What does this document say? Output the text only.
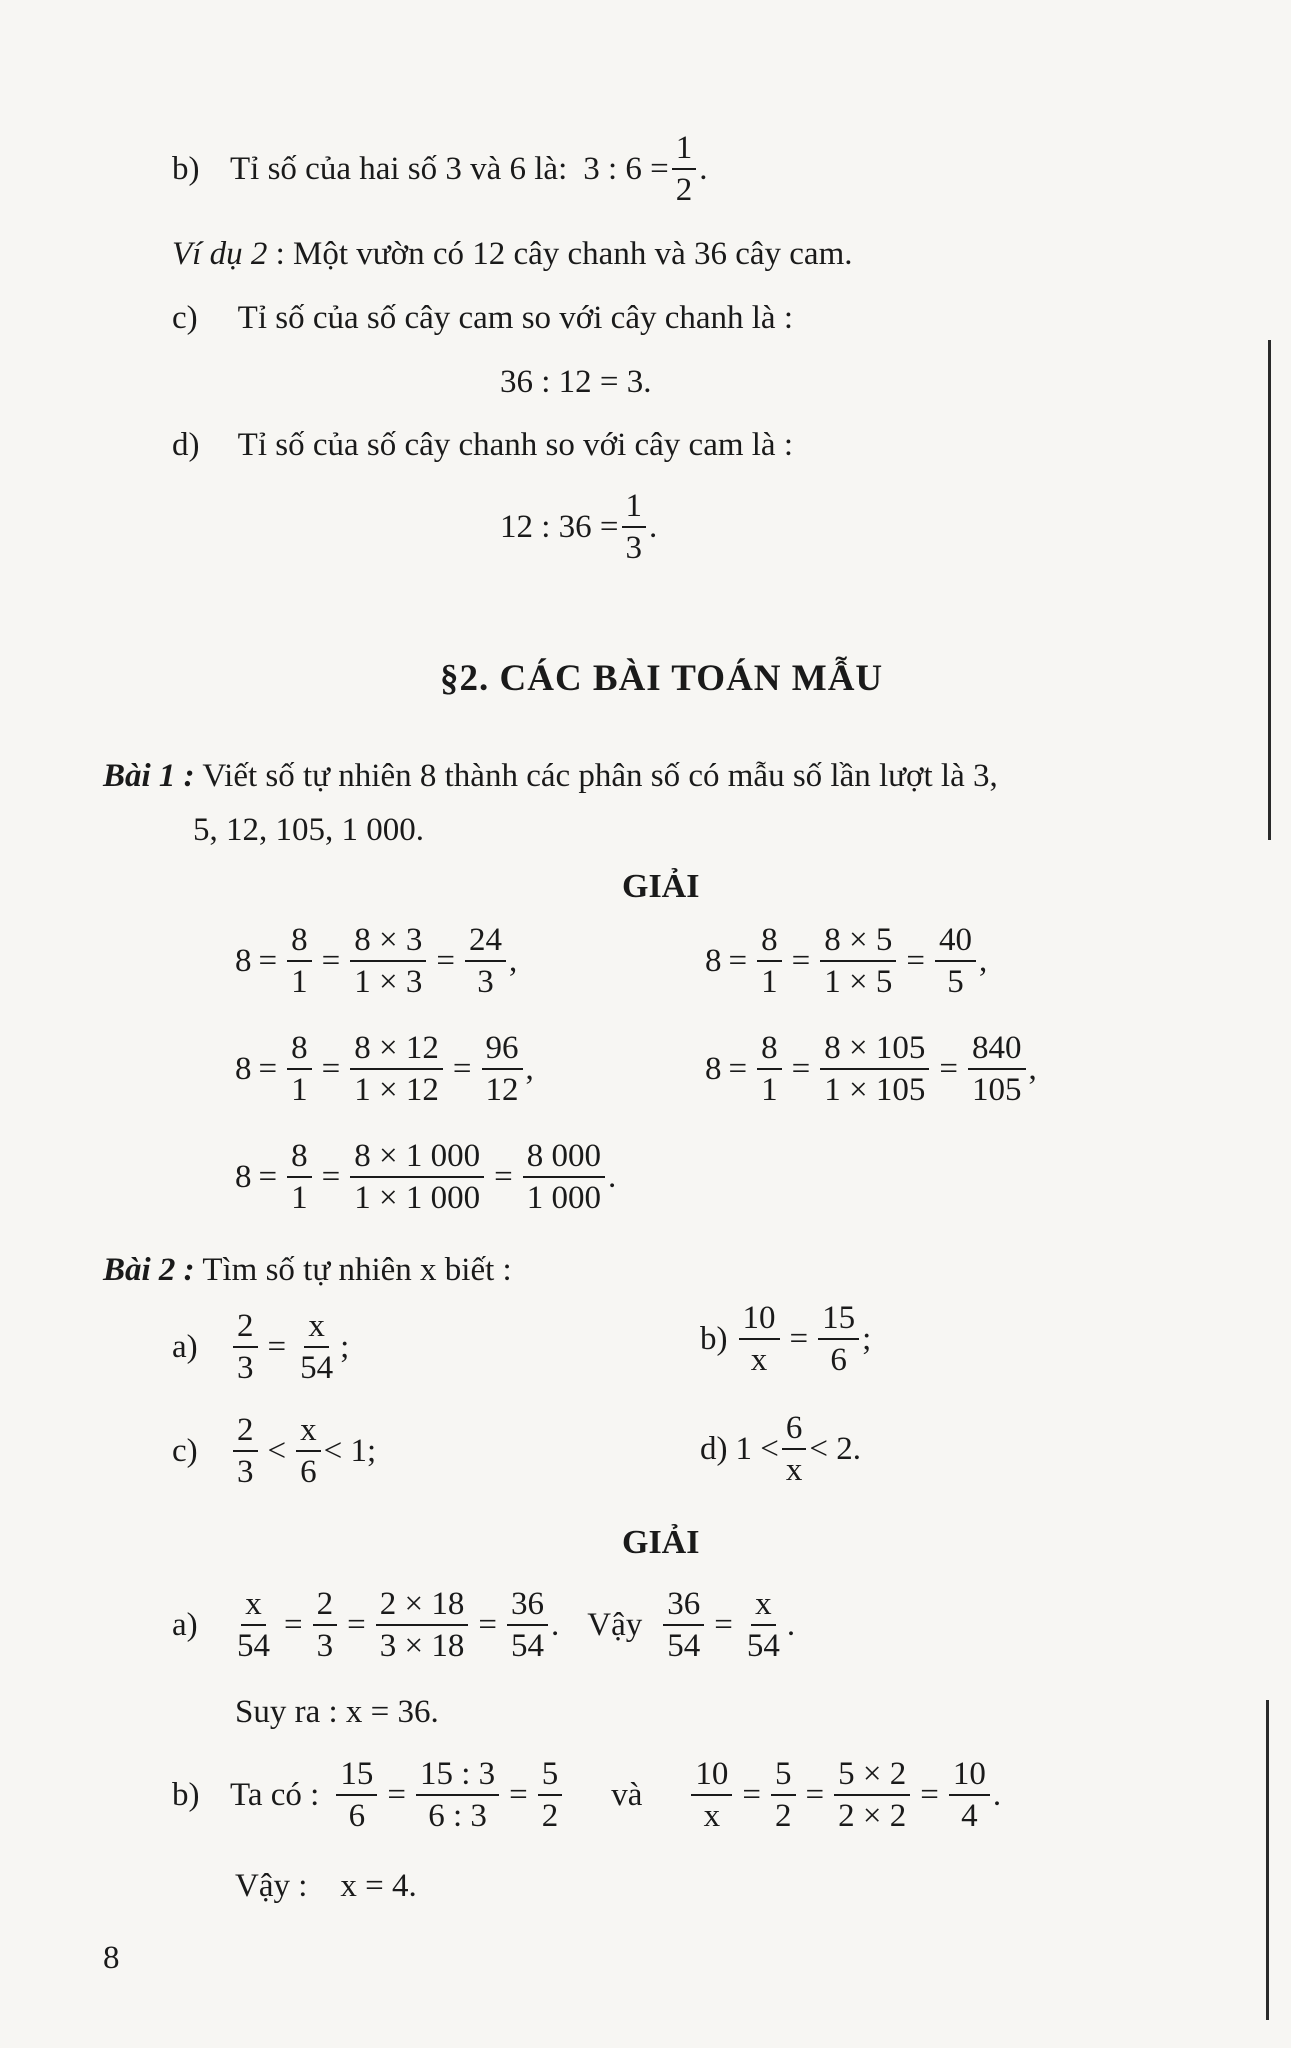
b) Tỉ số của hai số 3 và 6 là: 3 : $6 = \frac{1}{2}$ .
Ví dụ 2 : Một vườn có 12 cây chanh và 36 cây cam.
c) Tỉ số của số cây cam so với cây chanh là :
36 : 12 = 3.
d) Tỉ số của số cây chanh so với cây cam là :
12 : $36 = \frac{1}{3}$ .
§2. CÁC BÀI TOÁN MẪU
Bài 1 : Viết số tự nhiên 8 thành các phân số có mẫu số lần lượt là 3,
5, 12, 105, 1 000.
GIẢI
$8 = \frac{8}{1} = \frac{8 \times 3}{1 \times 3} = \frac{24}{3}$ ,	$8 = \frac{8}{1} = \frac{8 \times 5}{1 \times 5} = \frac{40}{5}$ ,
$8 = \frac{8}{1} = \frac{8 \times 12}{1 \times 12} = \frac{96}{12}$ ,	$8 = \frac{8}{1} = \frac{8 \times 105}{1 \times 105} = \frac{840}{105}$ ,
$8 = \frac{8}{1} = \frac{8 \times 1 000}{1 \times 1 000} = \frac{8 000}{1 000}$ .
Bài 2 : Tìm số tự nhiên x biết :
a)	$\frac{2}{3} = \frac{x}{54}$ ;	$b) \frac{10}{x} = \frac{15}{6}$ ;
c)	$\frac{2}{3} < \frac{x}{6} < 1$;	d) $1 < \frac{6}{x} < 2$.
GIẢI
a)	$\frac{x}{54} = \frac{2}{3} = \frac{2 \times 18}{3 \times 18} = \frac{36}{54}$ . Vậy $\frac{36}{54} = \frac{x}{54}$ .
Suy ra : x = 36.
b) Ta có : $\frac{15}{6} = \frac{15 : 3}{6 : 3} = \frac{5}{2}$ và $\frac{10}{x} = \frac{5}{2} = \frac{5 \times 2}{2 \times 2} = \frac{10}{4}$ .
Vậy :    x = 4.
8
